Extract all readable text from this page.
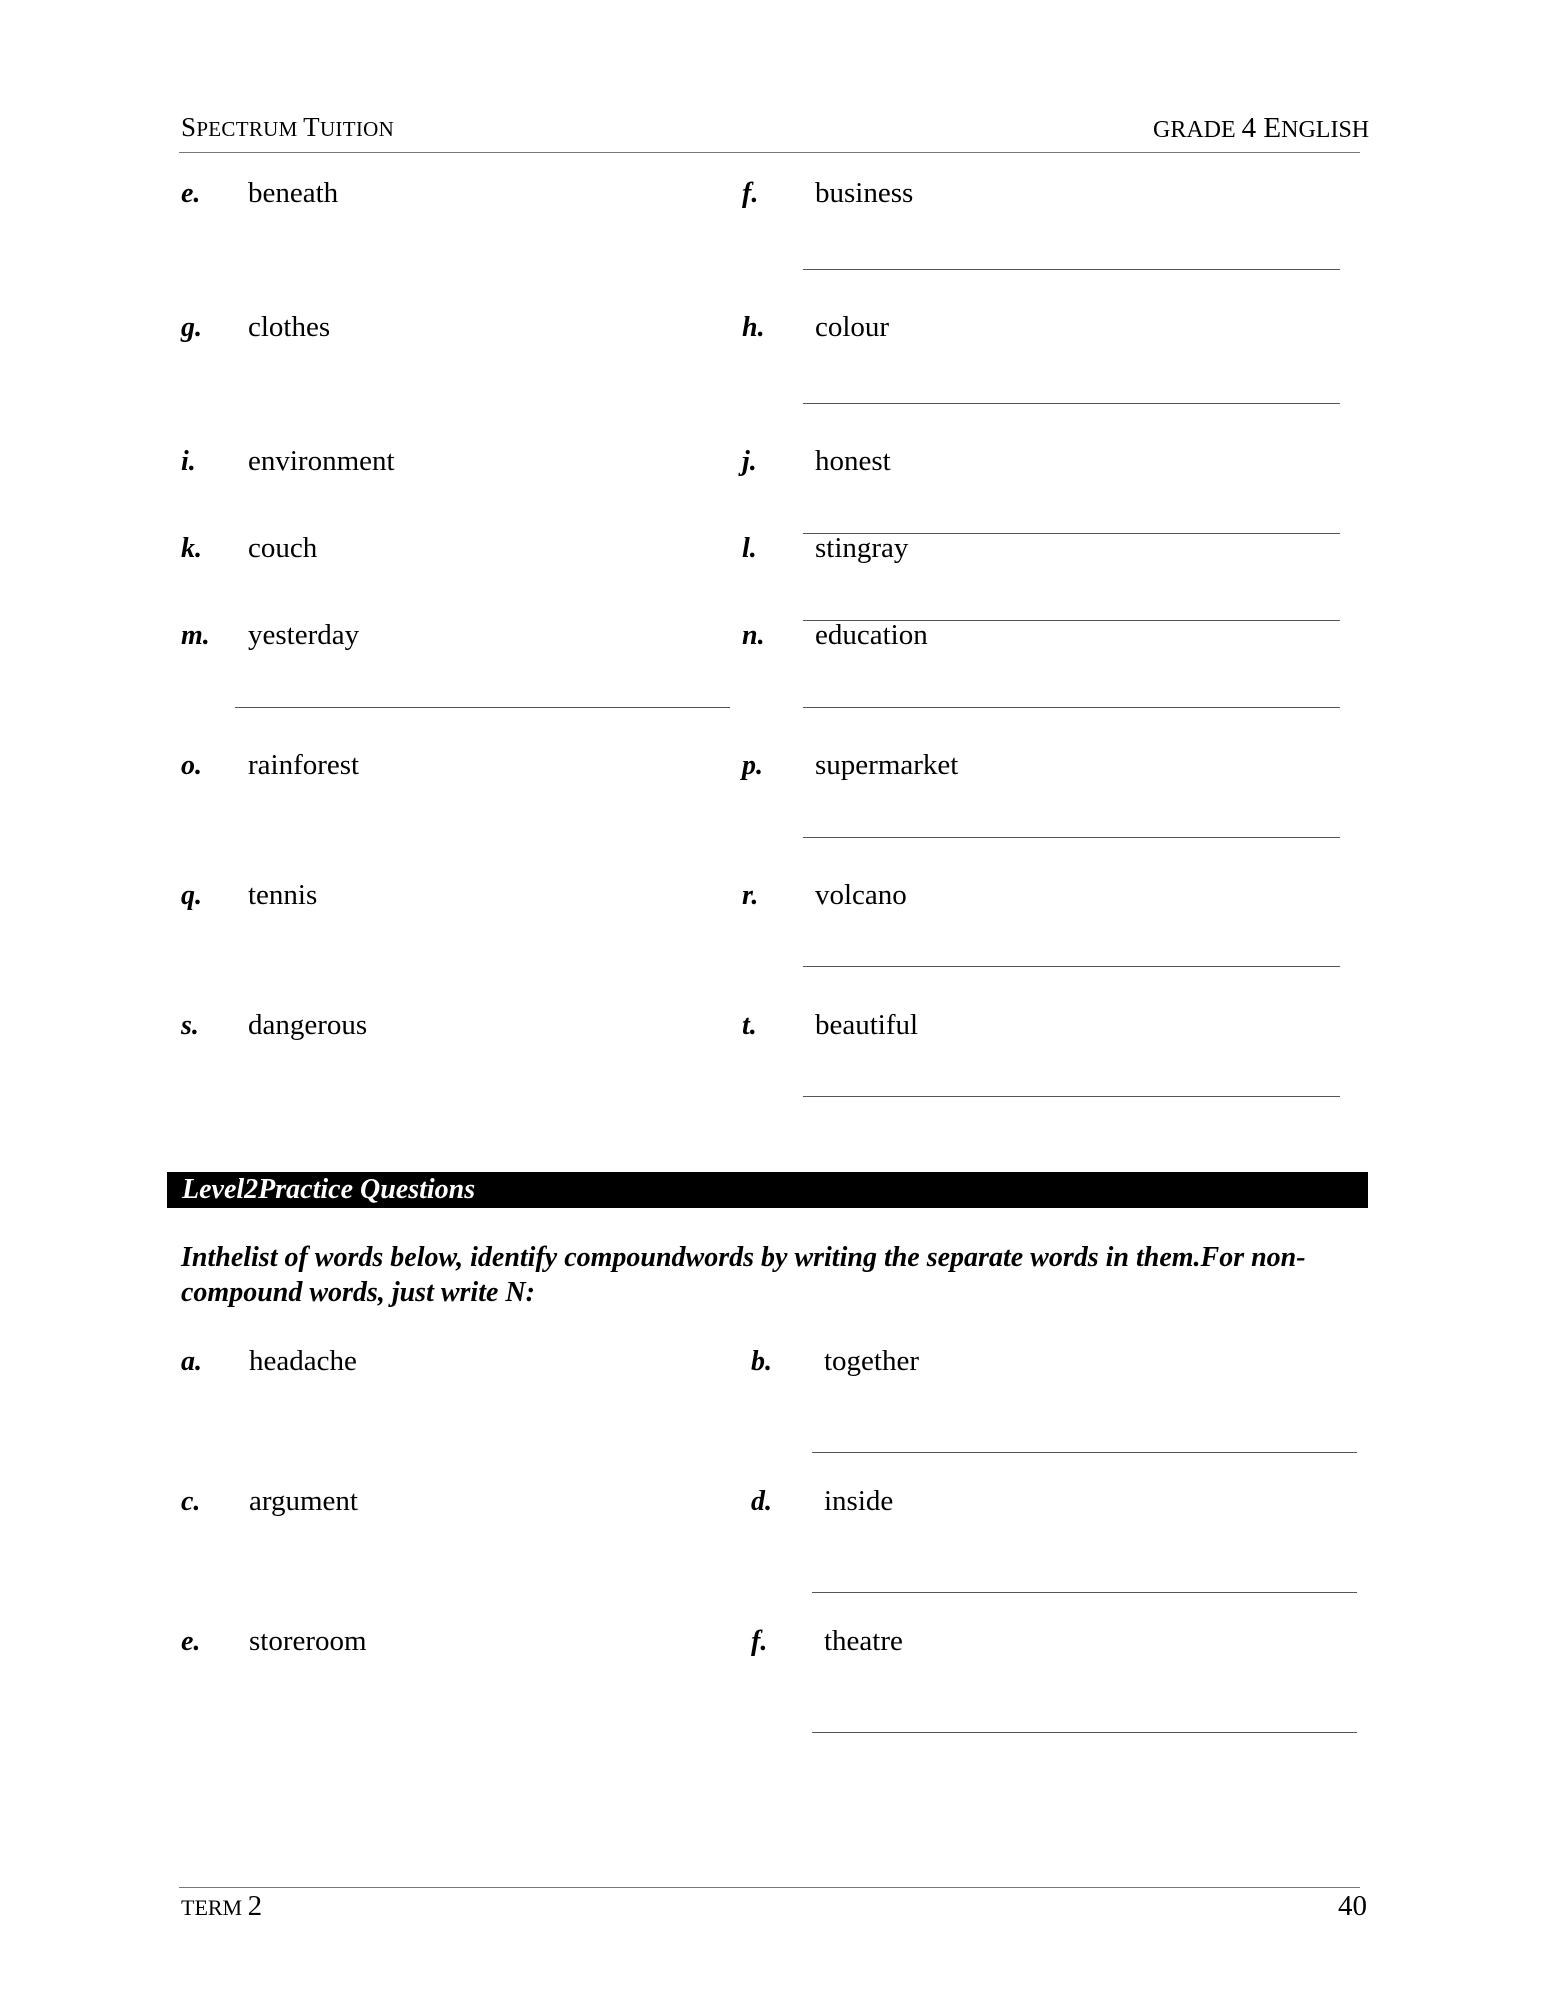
SPECTRUM TUITION	GRADE 4 ENGLISH
e. beneath	f. business
g. clothes	h. colour
i. environment	j. honest
k. couch	l. stingray
m. yesterday	n. education
o. rainforest	p. supermarket
q. tennis	r. volcano
s. dangerous	t. beautiful
Level2Practice Questions
Inthelist of words below, identify compoundwords by writing the separate words in them.For non-compound words, just write N:
a. headache	b. together
c. argument	d. inside
e. storeroom	f. theatre
TERM 2	40
